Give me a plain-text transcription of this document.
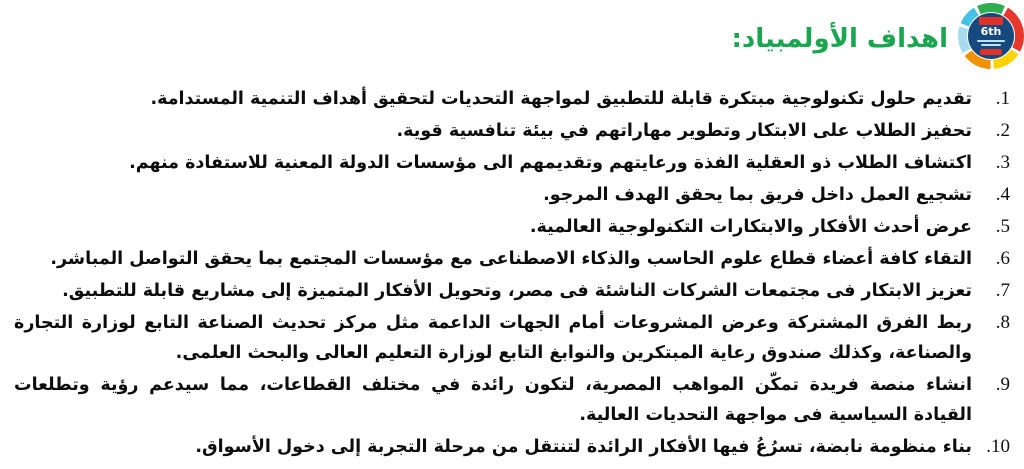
6th
اهداف الأولمبياد:
1.
تقديم حلول تكنولوجية مبتكرة قابلة للتطبيق لمواجهة التحديات لتحقيق أهداف التنمية المستدامة.
2.
تحفيز الطلاب على الابتكار وتطوير مهاراتهم في بيئة تنافسية قوية.
3.
اكتشاف الطلاب ذو العقلية الفذة ورعايتهم وتقديمهم الى مؤسسات الدولة المعنية للاستفادة منهم.
4.
تشجيع العمل داخل فريق بما يحقق الهدف المرجو.
5.
عرض أحدث الأفكار والابتكارات التكنولوجية العالمية.
6.
التقاء كافة أعضاء قطاع علوم الحاسب والذكاء الاصطناعى مع مؤسسات المجتمع بما يحقق التواصل المباشر.
7.
تعزيز الابتكار فى مجتمعات الشركات الناشئة فى مصر، وتحويل الأفكار المتميزة إلى مشاريع قابلة للتطبيق.
8.
ربط الفرق المشتركة وعرض المشروعات أمام الجهات الداعمة مثل مركز تحديث الصناعة التابع لوزارة التجارة والصناعة، وكذلك صندوق رعاية المبتكرين والنوابغ التابع لوزارة التعليم العالى والبحث العلمى.
9.
انشاء منصة فريدة تمكّن المواهب المصرية، لتكون رائدة في مختلف القطاعات، مما سيدعم رؤية وتطلعات القيادة السياسية فى مواجهة التحديات العالية.
10.
بناء منظومة نابضة، تسرُعُ فيها الأفكار الرائدة لتنتقل من مرحلة التجربة إلى دخول الأسواق.
